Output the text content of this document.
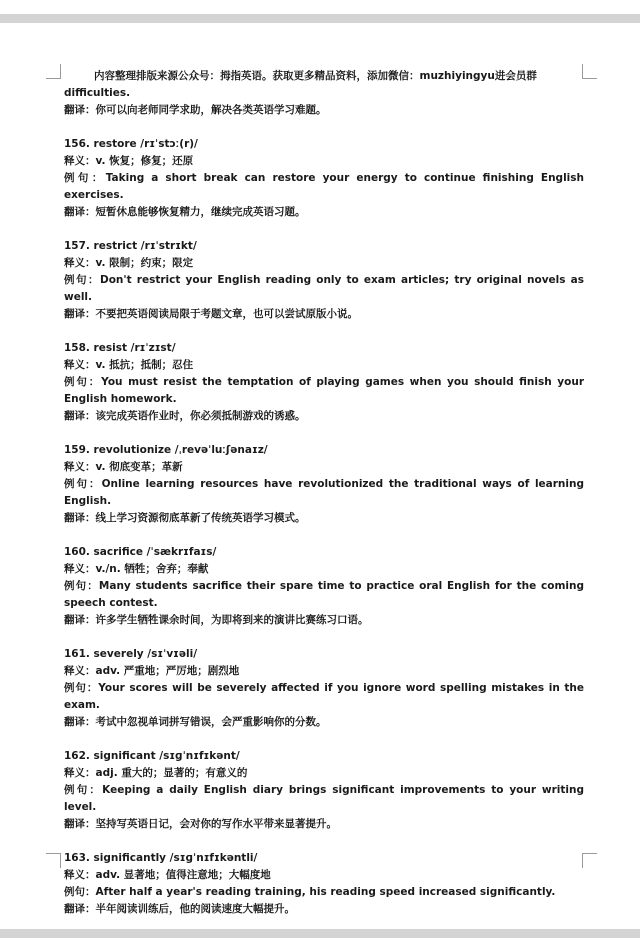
内容整理排版来源公众号：拇指英语。获取更多精品资料，添加微信：muzhiyingyu进会员群

difficulties.

翻译：你可以向老师同学求助，解决各类英语学习难题。

156. restore /rɪˈstɔː(r)/

释义：v. 恢复；修复；还原

例句：Taking a short break can restore your energy to continue finishing English exercises.

翻译：短暂休息能够恢复精力，继续完成英语习题。

157. restrict /rɪˈstrɪkt/

释义：v. 限制；约束；限定

例句：Don't restrict your English reading only to exam articles; try original novels as well.

翻译：不要把英语阅读局限于考题文章，也可以尝试原版小说。

158. resist /rɪˈzɪst/

释义：v. 抵抗；抵制；忍住

例句：You must resist the temptation of playing games when you should finish your English homework.

翻译：该完成英语作业时，你必须抵制游戏的诱惑。

159. revolutionize /ˌrevəˈluːʃənaɪz/

释义：v. 彻底变革；革新

例句：Online learning resources have revolutionized the traditional ways of learning English.

翻译：线上学习资源彻底革新了传统英语学习模式。

160. sacrifice /ˈsækrɪfaɪs/

释义：v./n. 牺牲；舍弃；奉献

例句：Many students sacrifice their spare time to practice oral English for the coming speech contest.

翻译：许多学生牺牲课余时间，为即将到来的演讲比赛练习口语。

161. severely /sɪˈvɪəli/

释义：adv. 严重地；严厉地；剧烈地

例句：Your scores will be severely affected if you ignore word spelling mistakes in the exam.

翻译：考试中忽视单词拼写错误，会严重影响你的分数。

162. significant /sɪɡˈnɪfɪkənt/

释义：adj. 重大的；显著的；有意义的

例句：Keeping a daily English diary brings significant improvements to your writing level.

翻译：坚持写英语日记，会对你的写作水平带来显著提升。

163. significantly /sɪɡˈnɪfɪkəntli/

释义：adv. 显著地；值得注意地；大幅度地

例句：After half a year's reading training, his reading speed increased significantly.

翻译：半年阅读训练后，他的阅读速度大幅提升。
